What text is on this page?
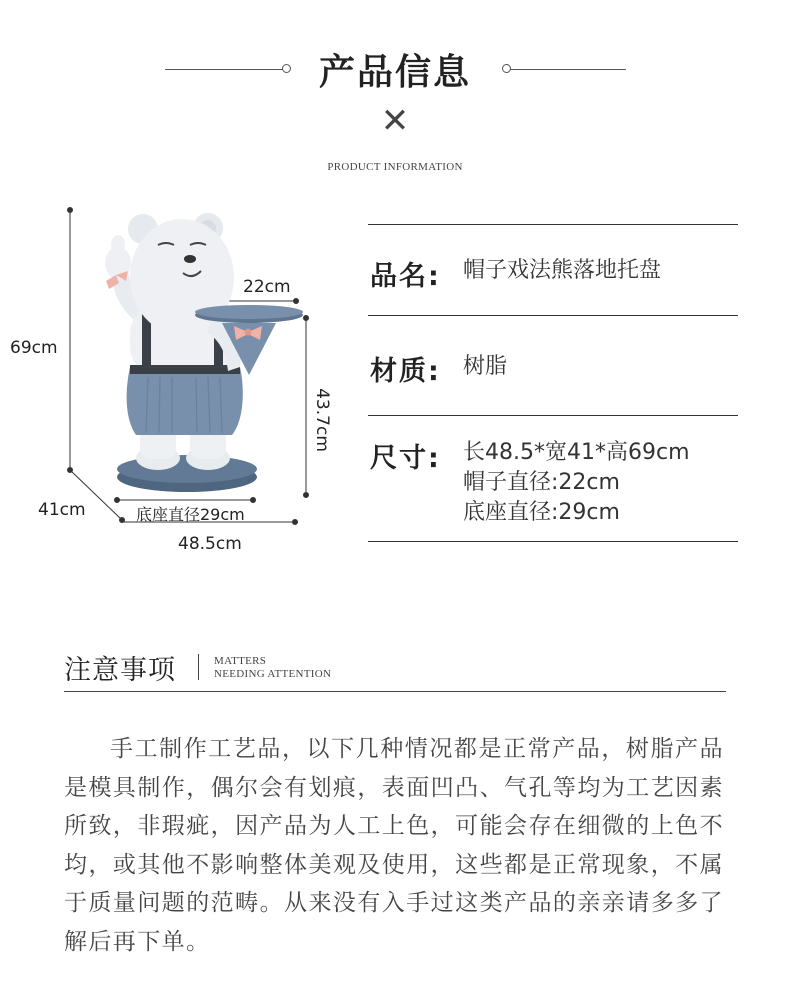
产品信息
✕
PRODUCT INFORMATION
69cm
41cm
48.5cm
22cm
底座直径29cm
43.7cm
品名: 帽子戏法熊落地托盘
材质: 树脂
尺寸: 长48.5*宽41*高69cm
帽子直径:22cm
底座直径:29cm
注意事项	MATTERS
NEEDING ATTENTION
手工制作工艺品，以下几种情况都是正常产品，树脂产品是模具制作，偶尔会有划痕，表面凹凸、气孔等均为工艺因素所致，非瑕疵，因产品为人工上色，可能会存在细微的上色不均，或其他不影响整体美观及使用，这些都是正常现象，不属于质量问题的范畴。从来没有入手过这类产品的亲亲请多多了解后再下单。
